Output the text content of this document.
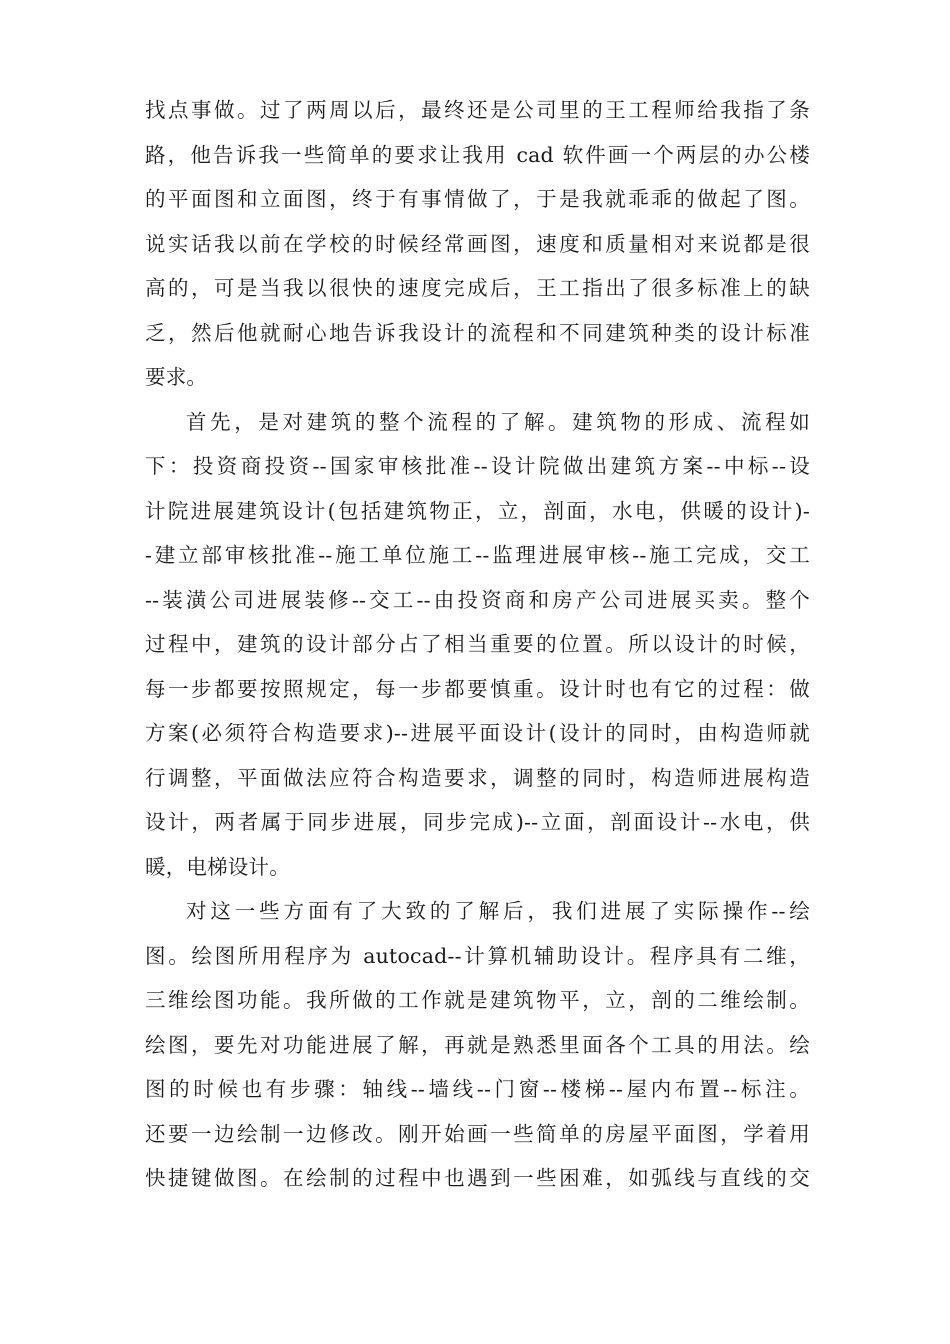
找点事做。过了两周以后，最终还是公司里的王工程师给我指了条
路，他告诉我一些简单的要求让我用 cad 软件画一个两层的办公楼
的平面图和立面图，终于有事情做了，于是我就乖乖的做起了图。
说实话我以前在学校的时候经常画图，速度和质量相对来说都是很
高的，可是当我以很快的速度完成后，王工指出了很多标准上的缺
乏，然后他就耐心地告诉我设计的流程和不同建筑种类的设计标准
要求。
首先，是对建筑的整个流程的了解。建筑物的形成、流程如
下：投资商投资--国家审核批准--设计院做出建筑方案--中标--设
计院进展建筑设计(包括建筑物正，立，剖面，水电，供暖的设计)-
-建立部审核批准--施工单位施工--监理进展审核--施工完成，交工
--装潢公司进展装修--交工--由投资商和房产公司进展买卖。整个
过程中，建筑的设计部分占了相当重要的位置。所以设计的时候，
每一步都要按照规定，每一步都要慎重。设计时也有它的过程：做
方案(必须符合构造要求)--进展平面设计(设计的同时，由构造师就
行调整，平面做法应符合构造要求，调整的同时，构造师进展构造
设计，两者属于同步进展，同步完成)--立面，剖面设计--水电，供
暖，电梯设计。
对这一些方面有了大致的了解后，我们进展了实际操作--绘
图。绘图所用程序为 autocad--计算机辅助设计。程序具有二维，
三维绘图功能。我所做的工作就是建筑物平，立，剖的二维绘制。
绘图，要先对功能进展了解，再就是熟悉里面各个工具的用法。绘
图的时候也有步骤：轴线--墙线--门窗--楼梯--屋内布置--标注。
还要一边绘制一边修改。刚开始画一些简单的房屋平面图，学着用
快捷键做图。在绘制的过程中也遇到一些困难，如弧线与直线的交
